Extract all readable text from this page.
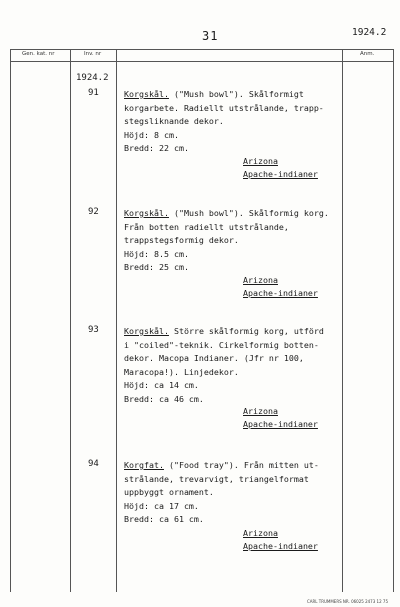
31	1924.2
Gen. kat. nr	Inv. nr	Anm.
1924.2
91	Korgskål. ("Mush bowl"). Skålformigt
korgarbete. Radiellt utstrålande, trapp-
stegsliknande dekor.
Höjd: 8 cm.
Bredd: 22 cm.
Arizona
Apache-indianer
92	Korgskål. ("Mush bowl"). Skålformig korg.
Från botten radiellt utstrålande,
trappstegsformig dekor.
Höjd: 8.5 cm.
Bredd: 25 cm.
Arizona
Apache-indianer
93	Korgskål. Större skålformig korg, utförd
i "coiled"-teknik. Cirkelformig botten-
dekor. Macopa Indianer. (Jfr nr 100,
Maracopa!). Linjedekor.
Höjd: ca 14 cm.
Bredd: ca 46 cm.
Arizona
Apache-indianer
94	Korgfat. ("Food tray"). Från mitten ut-
strålande, trevarvigt, triangelformat
uppbyggt ornament.
Höjd: ca 17 cm.
Bredd: ca 61 cm.
Arizona
Apache-indianer
CARL TRUMMERS NR. 06025 2473 12 75
